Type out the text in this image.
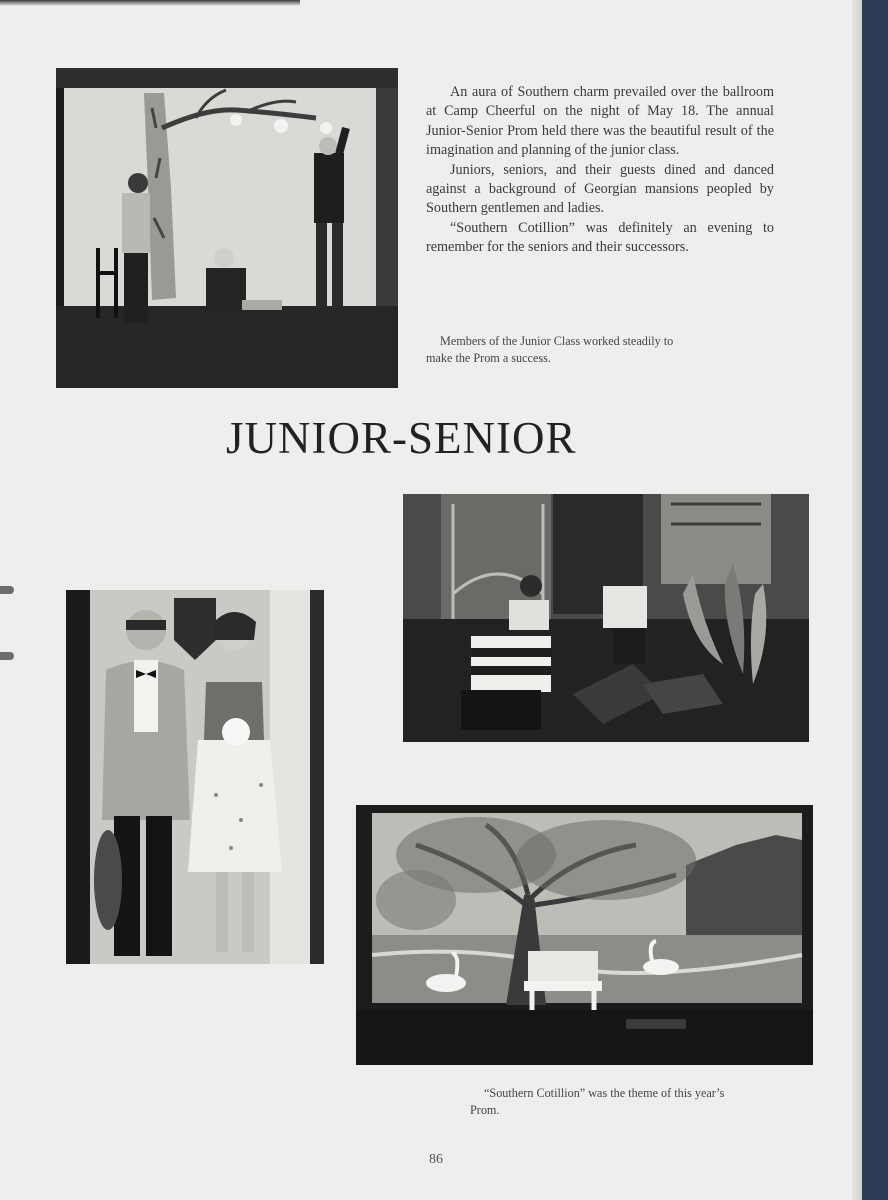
An aura of Southern charm prevailed over the ballroom at Camp Cheerful on the night of May 18. The annual Junior-Senior Prom held there was the beautiful result of the imagination and planning of the junior class.

Juniors, seniors, and their guests dined and danced against a background of Georgian mansions peopled by Southern gentlemen and ladies.

“Southern Cotillion” was definitely an evening to remember for the seniors and their successors.

Members of the Junior Class worked steadily to make the Prom a success.

JUNIOR-SENIOR

“Southern Cotillion” was the theme of this year’s Prom.

86
